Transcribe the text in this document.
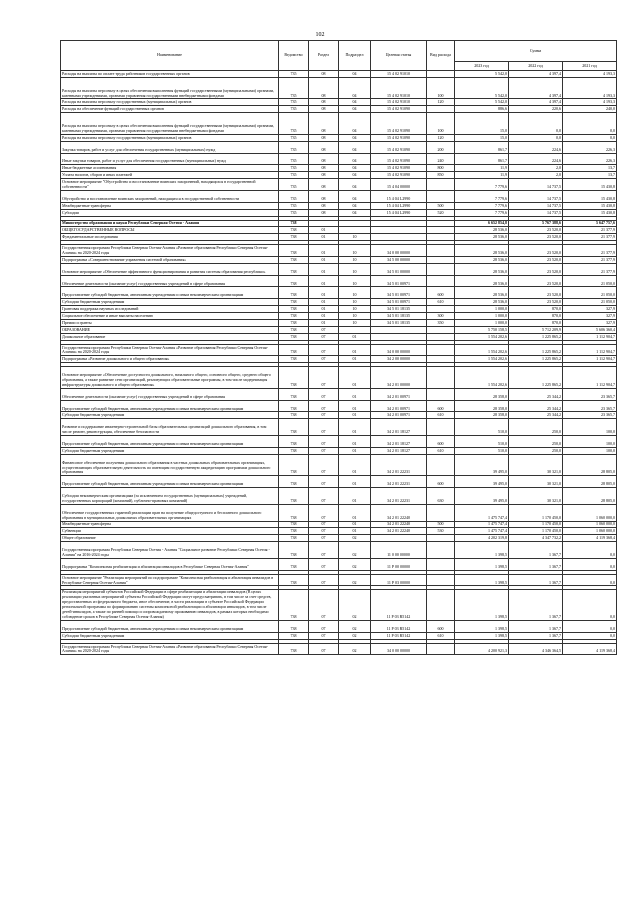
102
Наименование	Ведомство	Раздел	Подраздел	Целевая статья	Вид расхода	Сумма		
						2023 год	2022 год	2021 год
Расходы на выплаты по оплате труда работников государственных органов	735	08	04	15 4 02 91010		5 542,0	4 397,4	4 193,3
Расходы на выплаты персоналу в целях обеспечения выполнения функций государственными (муниципальными) органами, казенными учреждениями, органами управления государственными внебюджетными фондами	735	08	04	15 4 02 91010	100	5 542,0	4 397,4	4 193,3
Расходы на выплаты персоналу государственных (муниципальных) органов	735	08	04	15 4 02 91010	120	5 542,0	4 397,4	4 193,3
Расходы на обеспечение функций государственных органов	735	08	04	15 4 02 91090		886,6	220,6	240,0
Расходы на выплаты персоналу в целях обеспечения выполнения функций государственными (муниципальными) органами, казенными учреждениями, органами управления государственными внебюджетными фондами	735	08	04	15 4 02 91090	100	15,0	0,0	0,0
Расходы на выплаты персоналу государственных (муниципальных) органов	735	08	04	15 4 02 91090	120	15,0	0,0	0,0
Закупка товаров, работ и услуг для обеспечения государственных (муниципальных) нужд	735	08	04	15 4 02 91090	200	861,7	224,6	226,3
Иные закупки товаров, работ и услуг для обеспечения государственных (муниципальных) нужд	735	08	04	15 4 02 91090	240	861,7	224,6	226,3
Иные бюджетные ассигнования	735	08	04	15 4 02 91090	800	11,9	2,0	13,7
Уплата налогов, сборов и иных платежей	735	08	04	15 4 02 91090	850	11,9	2,0	13,7
Основное мероприятие "Обустройство и восстановление воинских захоронений, находящихся в государственной собственности"	735	08	04	15 4 04 00000		7 779,6	14 737,5	15 430,8
Обустройство и восстановление воинских захоронений, находящихся в государственной собственности	735	08	04	15 4 04 L2990		7 779,6	14 737,5	15 430,8
Межбюджетные трансферты	735	08	04	15 4 04 L2990	500	7 779,6	14 737,5	15 430,8
Субсидии	735	08	04	15 4 04 L2990	520	7 779,6	14 737,5	15 430,8

Министерство образования и науки Республики Северная Осетия - Алания	738					6 652 854,8	5 767 388,6	5 647 757,6
ОБЩЕГОСУДАРСТВЕННЫЕ ВОПРОСЫ	738	01				28 536,0	23 520,0	21 377,9
Фундаментальные исследования	738	01	10			28 536,0	23 520,0	21 377,9

Государственная программа Республики Северная Осетия-Алания «Развитие образования Республики Северная Осетия-Алания» на 2020-2024 годы	738	01	10	34 0 00 00000		28 536,0	23 520,0	21 377,9
Подпрограмма «Совершенствование управления системой образования»	738	01	10	34 5 00 00000		28 536,0	23 520,0	21 377,9
Основное мероприятие «Обеспечение эффективного функционирования и развития системы образования республики»	738	01	10	34 5 01 00000		28 536,0	23 520,0	21 377,9
Обеспечение деятельности (оказание услуг) государственных учреждений в сфере образования	738	01	10	34 5 01 00971		28 536,0	23 520,0	21 050,0
Предоставление субсидий бюджетным, автономным учреждениям и иным некоммерческим организациям	738	01	10	34 5 01 00971	600	28 536,0	23 520,0	21 050,0
Субсидии бюджетным учреждениям	738	01	10	34 5 01 00971	610	28 536,0	23 520,0	21 050,0
Грантовая поддержка научных исследований	738	01	10	34 5 01 18135		1 000,0	870,0	327,9
Социальное обеспечение и иные выплаты населению	738	01	10	34 5 01 18135	300	1 000,0	870,0	327,9
Премии и гранты	738	01	10	34 5 01 18135	350	1 000,0	870,0	327,9
ОБРАЗОВАНИЕ	738	07				5 750 158,5	5 712 209,9	5 606 360,4
Дошкольное образование	738	07	01			1 554 202,6	1 225 865,2	1 112 904,7

Государственная программа Республики Северная Осетия-Алания «Развитие образования Республики Северная Осетия-Алания» на 2020-2024 годы	738	07	01	34 0 00 00000		1 554 202,6	1 225 865,2	1 112 904,7
Подпрограмма «Развитие дошкольного и общего образования»	738	07	01	34 2 00 00000		1 554 202,6	1 225 865,2	1 112 904,7

Основное мероприятие «Обеспечение доступности дошкольного, начального общего, основного общего, среднего общего образования, а также развитие сети организаций, реализующих образовательные программы, в том числе модернизация инфраструктуры дошкольного и общего образования»	738	07	01	34 2 01 00000		1 554 202,6	1 225 865,2	1 112 904,7
Обеспечение деятельности (оказание услуг) государственных учреждений в сфере образования	738	07	01	34 2 01 00971		28 358,0	25 344,2	23 365,7
Предоставление субсидий бюджетным, автономным учреждениям и иным некоммерческим организациям	738	07	01	34 2 01 00971	600	28 358,0	25 344,2	23 365,7
Субсидии бюджетным учреждениям	738	07	01	34 2 01 00971	610	28 358,0	25 344,2	23 365,7
Развитие и поддержание инженерно-строительной базы образовательных организаций дошкольного образования, в том числе ремонт, реконструкция, обеспечение безопасности	738	07	01	34 2 01 18127		510,0	250,0	100,0
Предоставление субсидий бюджетным, автономным учреждениям и иным некоммерческим организациям	738	07	01	34 2 01 18127	600	510,0	250,0	100,0
Субсидии бюджетным учреждениям	738	07	01	34 2 01 18127	610	510,0	250,0	100,0
Финансовое обеспечение получения дошкольного образования в частных дошкольных образовательных организациях, осуществляющих образовательную деятельность по имеющим государственную аккредитацию программам дошкольного образования	738	07	01	34 2 01 22231		39 495,0	30 321,0	28 805,0
Предоставление субсидий бюджетным, автономным учреждениям и иным некоммерческим организациям	738	07	01	34 2 01 22231	600	39 495,0	30 321,0	28 805,0
Субсидии некоммерческим организациям (за исключением государственных (муниципальных) учреждений, государственных корпораций (компаний), публично-правовых компаний)	738	07	01	34 2 01 22231	630	39 495,0	30 321,0	28 805,0
Обеспечение государственных гарантий реализации прав на получение общедоступного и бесплатного дошкольного образования в муниципальных дошкольных образовательных организациях	738	07	01	34 2 01 22240		1 475 747,4	1 170 450,0	1 060 000,0
Межбюджетные трансферты	738	07	01	34 2 01 22240	500	1 475 747,4	1 170 450,0	1 060 000,0
Субвенции	738	07	01	34 2 01 22240	530	1 475 747,4	1 170 450,0	1 060 000,0
Общее образование	738	07	02			4 202 319,8	4 347 732,2	4 119 368,4
Государственная программа Республики Северная Осетия - Алания "Социальное развитие Республики Северная Осетия - Алания" на 2016-2024 годы	738	07	02	11 0 00 00000		1 398,5	1 367,7	0,0
Подпрограмма "Комплексная реабилитация и абилитация инвалидов в Республике Северная Осетия-Алания"	738	07	02	11 P 00 00000		1 398,5	1 367,7	0,0

Основное мероприятие "Реализация мероприятий по подпрограмме "Комплексная реабилитация и абилитация инвалидов в Республике Северная Осетия-Алания"	738	07	02	11 P 03 00000		1 398,5	1 367,7	0,0

Реализация мероприятий субъектов Российской Федерации в сфере реабилитации и абилитации инвалидов (В целях реализации указанных мероприятий субъекты Российской Федерации могут предусматривать, в том числе за счет средств, предоставленных из федерального бюджета, иное обеспечение, в части реализации в субъекте Российской Федерации региональной программы по формированию системы комплексной реабилитации и абилитации инвалидов, в том числе детей-инвалидов, а также по ранней помощи и сопровождаемому проживанию инвалидов, в рамках которых необходимо соблюдение сроков в Республике Северная Осетия-Алания)	738	07	02	11 P 03 R5142		1 398,5	1 367,7	0,0
Предоставление субсидий бюджетным, автономным учреждениям и иным некоммерческим организациям	738	07	02	11 P 03 R5142	600	1 398,5	1 367,7	0,0
Субсидии бюджетным учреждениям	738	07	02	11 P 03 R5142	610	1 398,5	1 367,7	0,0

Государственная программа Республики Северная Осетия-Алания «Развитие образования Республики Северная Осетия-Алания» на 2020-2024 годы	738	07	02	34 0 00 00000		4 200 921,3	4 346 364,5	4 119 368,4
